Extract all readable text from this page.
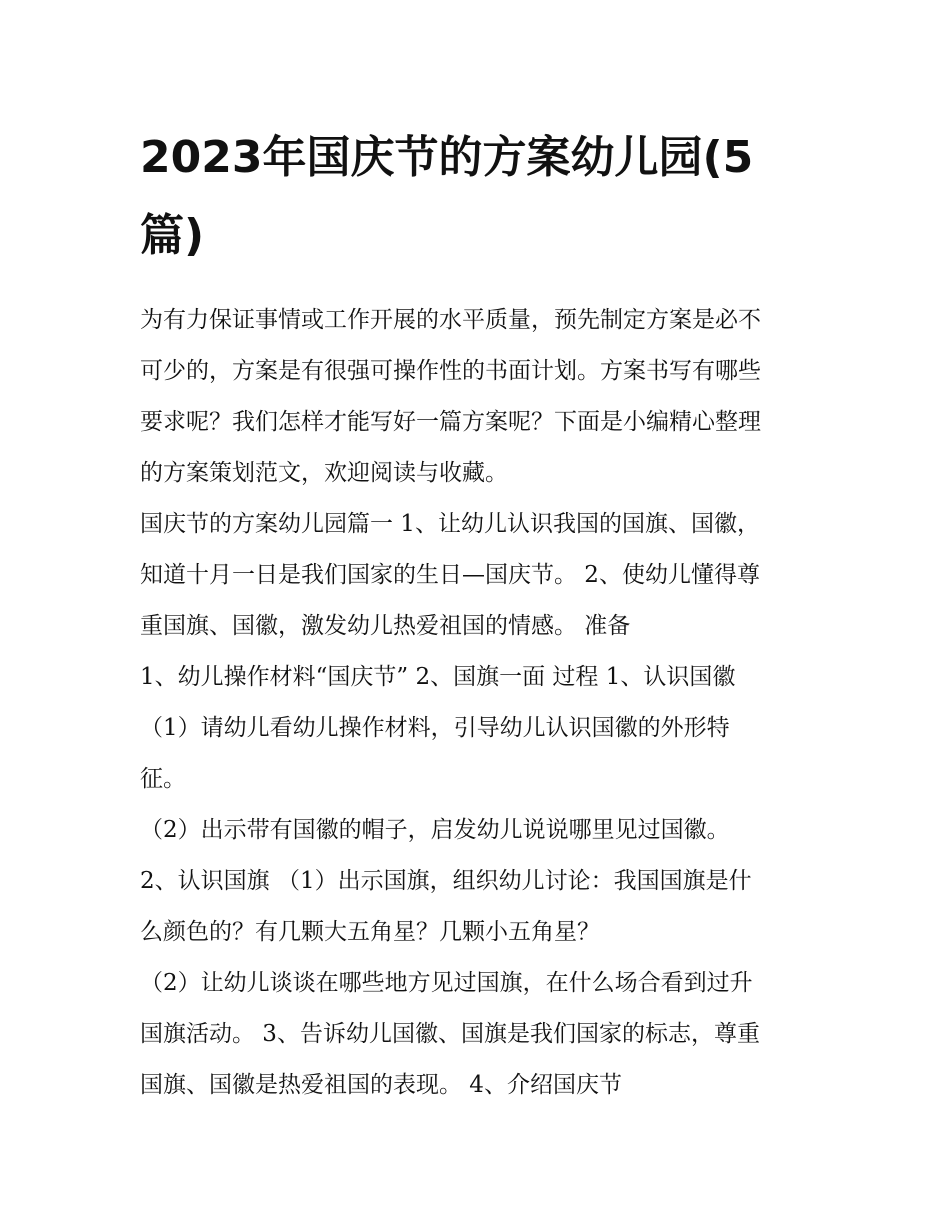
2023年国庆节的方案幼儿园(5
篇)
为有力保证事情或工作开展的水平质量，预先制定方案是必不
可少的，方案是有很强可操作性的书面计划。方案书写有哪些
要求呢？我们怎样才能写好一篇方案呢？下面是小编精心整理
的方案策划范文，欢迎阅读与收藏。
国庆节的方案幼儿园篇一 1、让幼儿认识我国的国旗、国徽，
知道十月一日是我们国家的生日—国庆节。 2、使幼儿懂得尊
重国旗、国徽，激发幼儿热爱祖国的情感。 准备
1、幼儿操作材料“国庆节” 2、国旗一面 过程 1、认识国徽
（1）请幼儿看幼儿操作材料，引导幼儿认识国徽的外形特
征。
（2）出示带有国徽的帽子，启发幼儿说说哪里见过国徽。
2、认识国旗 （1）出示国旗，组织幼儿讨论：我国国旗是什
么颜色的？有几颗大五角星？几颗小五角星？
（2）让幼儿谈谈在哪些地方见过国旗，在什么场合看到过升
国旗活动。 3、告诉幼儿国徽、国旗是我们国家的标志，尊重
国旗、国徽是热爱祖国的表现。 4、介绍国庆节
